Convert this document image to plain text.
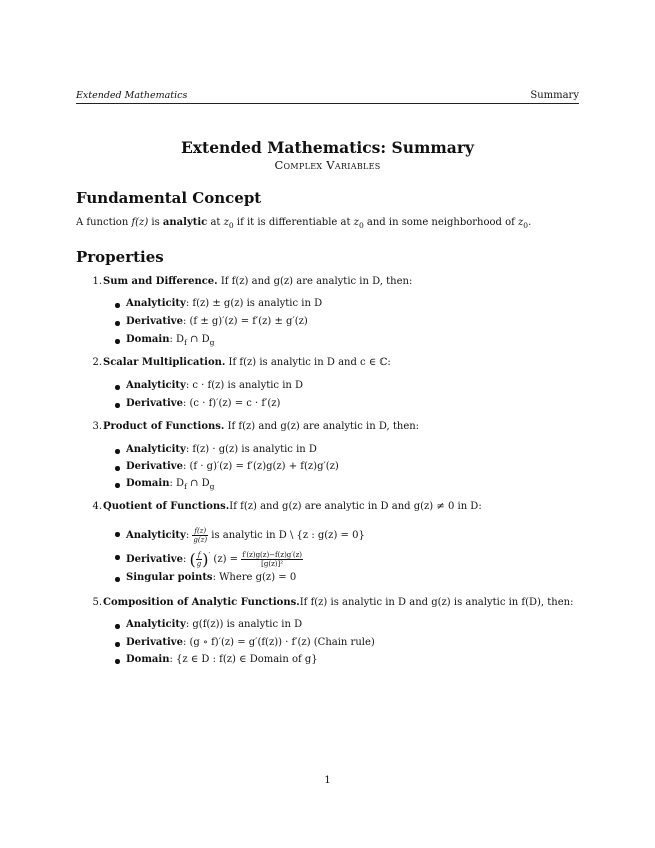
Extended Mathematics	Summary
Extended Mathematics: Summary
Complex Variables
Fundamental Concept
A function f(z) is analytic at $z_0$ if it is differentiable at $z_0$ and in some neighborhood of $z_0$.
Properties
1. Sum and Difference. If f(z) and g(z) are analytic in D, then:
Analyticity: f(z) ± g(z) is analytic in D
Derivative: (f ± g)′(z) = f′(z) ± g′(z)
Domain: $D_f$ ∩ $D_g$
2. Scalar Multiplication. If f(z) is analytic in D and c ∈ ℂ:
Analyticity: c · f(z) is analytic in D
Derivative: (c · f)′(z) = c · f′(z)
3. Product of Functions. If f(z) and g(z) are analytic in D, then:
Analyticity: f(z) · g(z) is analytic in D
Derivative: (f · g)′(z) = f′(z)g(z) + f(z)g′(z)
Domain: $D_f$ ∩ $D_g$
4. Quotient of Functions.If f(z) and g(z) are analytic in D and g(z) ≠ 0 in D:
Analyticity: $\frac{f(z)}{g(z)}$ is analytic in D \ {z : g(z) = 0}
Derivative: ( $\frac{f}{g} )'$ $(z) = \frac{f'(z)g(z)-f(z)g'(z)}{\text{[g(z)]²}}$
Singular points: Where g(z) = 0
5. Composition of Analytic Functions.If f(z) is analytic in D and g(z) is analytic in f(D), then:
Analyticity: g(f(z)) is analytic in D
Derivative: (g ∘ f)′(z) = g′(f(z)) · f′(z) (Chain rule)
Domain: {z ∈ D : f(z) ∈ Domain of g}
1
